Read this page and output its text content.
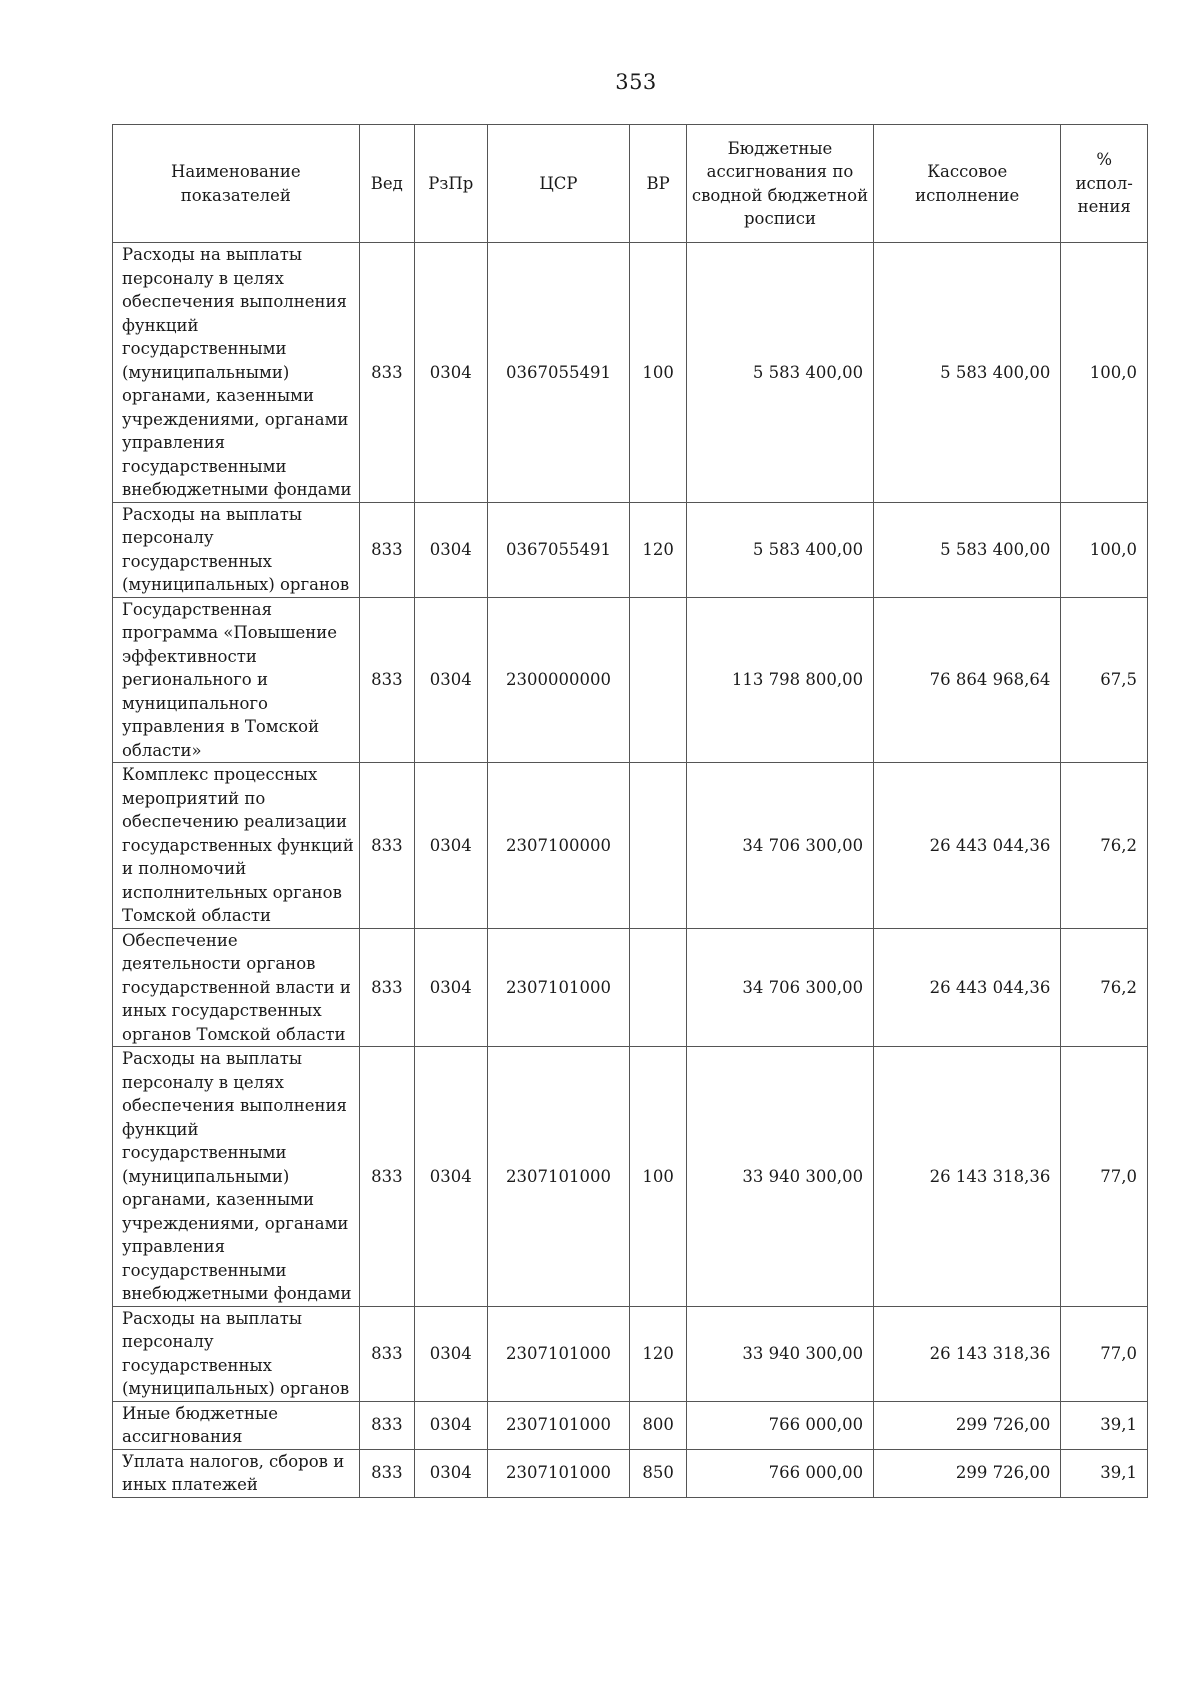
353
Наименование показателей	Вед	РзПр	ЦСР	ВР	Бюджетные ассигнования по сводной бюджетной росписи	Кассовое исполнение	% испол-нения
Расходы на выплаты персоналу в целях обеспечения выполнения функций государственными (муниципальными) органами, казенными учреждениями, органами управления государственными внебюджетными фондами	833	0304	0367055491	100	5 583 400,00	5 583 400,00	100,0
Расходы на выплаты персоналу государственных (муниципальных) органов	833	0304	0367055491	120	5 583 400,00	5 583 400,00	100,0
Государственная программа «Повышение эффективности регионального и муниципального управления в Томской области»	833	0304	2300000000		113 798 800,00	76 864 968,64	67,5
Комплекс процессных мероприятий по обеспечению реализации государственных функций и полномочий исполнительных органов Томской области	833	0304	2307100000		34 706 300,00	26 443 044,36	76,2
Обеспечение деятельности органов государственной власти и иных государственных органов Томской области	833	0304	2307101000		34 706 300,00	26 443 044,36	76,2
Расходы на выплаты персоналу в целях обеспечения выполнения функций государственными (муниципальными) органами, казенными учреждениями, органами управления государственными внебюджетными фондами	833	0304	2307101000	100	33 940 300,00	26 143 318,36	77,0
Расходы на выплаты персоналу государственных (муниципальных) органов	833	0304	2307101000	120	33 940 300,00	26 143 318,36	77,0
Иные бюджетные ассигнования	833	0304	2307101000	800	766 000,00	299 726,00	39,1
Уплата налогов, сборов и иных платежей	833	0304	2307101000	850	766 000,00	299 726,00	39,1
